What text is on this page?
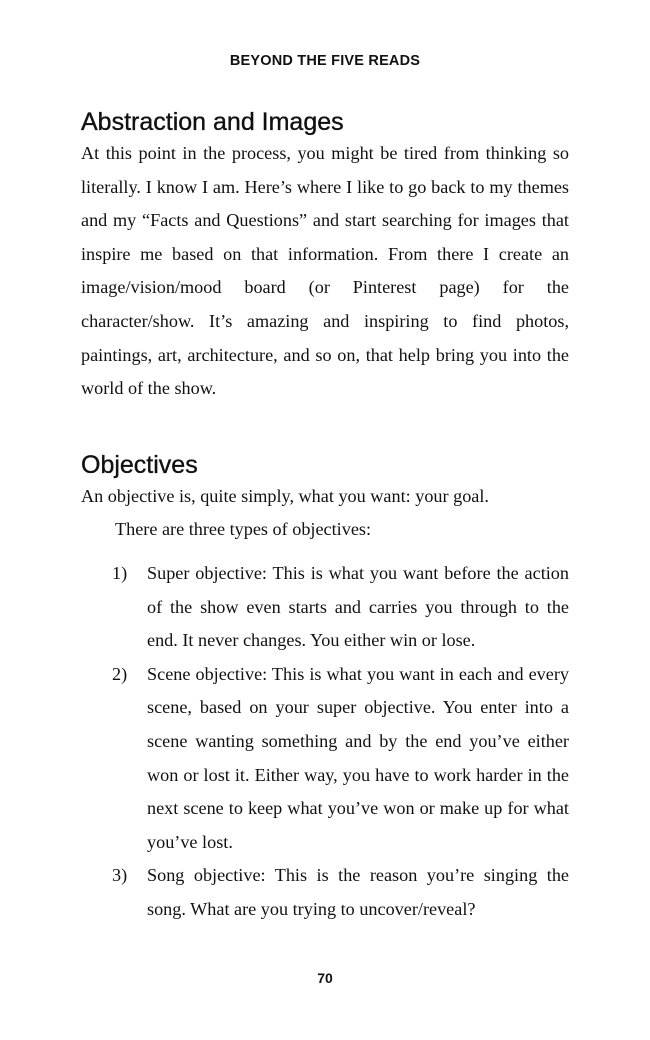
BEYOND THE FIVE READS
Abstraction and Images

At this point in the process, you might be tired from thinking so literally. I know I am. Here’s where I like to go back to my themes and my “Facts and Questions” and start searching for images that inspire me based on that information. From there I create an image/vision/mood board (or Pinterest page) for the character/show. It’s amazing and inspiring to find photos, paintings, art, architecture, and so on, that help bring you into the world of the show.

Objectives

An objective is, quite simply, what you want: your goal.

There are three types of objectives:

1) Super objective: This is what you want before the action of the show even starts and carries you through to the end. It never changes. You either win or lose.
2) Scene objective: This is what you want in each and every scene, based on your super objective. You enter into a scene wanting something and by the end you’ve either won or lost it. Either way, you have to work harder in the next scene to keep what you’ve won or make up for what you’ve lost.
3) Song objective: This is the reason you’re singing the song. What are you trying to uncover/reveal?
70
